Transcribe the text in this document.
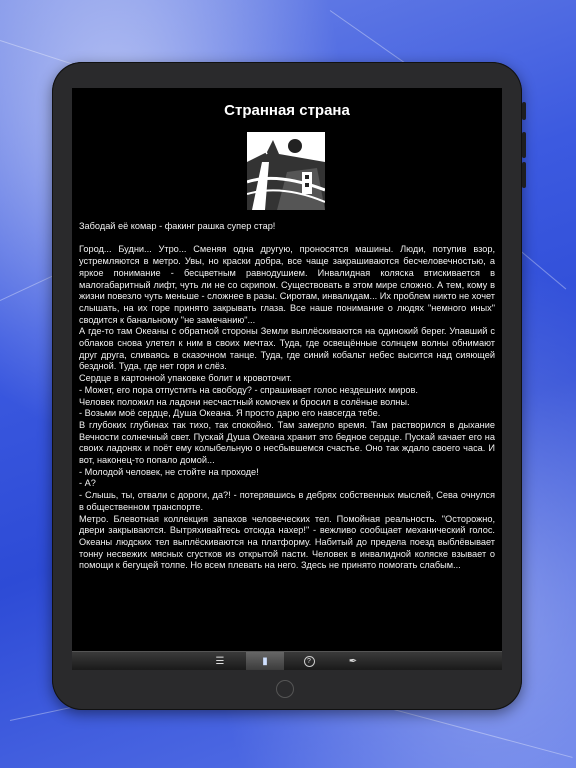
Странная страна

Забодай её комар - факинг рашка супер стар!

Город... Будни... Утро... Сменяя одна другую, проносятся машины. Люди, потупив взор, устремляются в метро. Увы, но краски добра, все чаще закрашиваются бесчеловечностью, а яркое понимание - бесцветным равнодушием. Инвалидная коляска втискивается в малогабаритный лифт, чуть ли не со скрипом. Существовать в этом мире сложно. А тем, кому в жизни повезло чуть меньше - сложнее в разы. Сиротам, инвалидам... Их проблем никто не хочет слышать, на их горе принято закрывать глаза. Все наше понимание о людях "немного иных" сводится к банальному "не замечанию"...

А где-то там Океаны с обратной стороны Земли выплёскиваются на одинокий берег. Упавший с облаков снова улетел к ним в своих мечтах. Туда, где освещённые солнцем волны обнимают друг друга, сливаясь в сказочном танце. Туда, где синий кобальт небес высится над сияющей бездной. Туда, где нет горя и слёз.

Сердце в картонной упаковке болит и кровоточит.

- Может, его пора отпустить на свободу? - спрашивает голос нездешних миров.

Человек положил на ладони несчастный комочек и бросил в солёные волны.

- Возьми моё сердце, Душа Океана. Я просто дарю его навсегда тебе.

В глубоких глубинах так тихо, так спокойно. Там замерло время. Там растворился в дыхание Вечности солнечный свет. Пускай Душа Океана хранит это бедное сердце. Пускай качает его на своих ладонях и поёт ему колыбельную о несбывшемся счастье. Оно так ждало своего часа. И вот, наконец-то попало домой...

- Молодой человек, не стойте на проходе!

- А?

- Слышь, ты, отвали с дороги, да?! - потерявшись в дебрях собственных мыслей, Сева очнулся в общественном транспорте.

Метро. Блевотная коллекция запахов человеческих тел. Помойная реальность. "Осторожно, двери закрываются. Вытряхивайтесь отсюда нахер!" - вежливо сообщает механический голос. Океаны людских тел выплёскиваются на платформу. Набитый до предела поезд выблёвывает тонну несвежих мясных сгустков из открытой пасти. Человек в инвалидной коляске взывает о помощи к бегущей толпе. Но всем плевать на него. Здесь не принято помогать слабым...

☰	▮	?	✒
